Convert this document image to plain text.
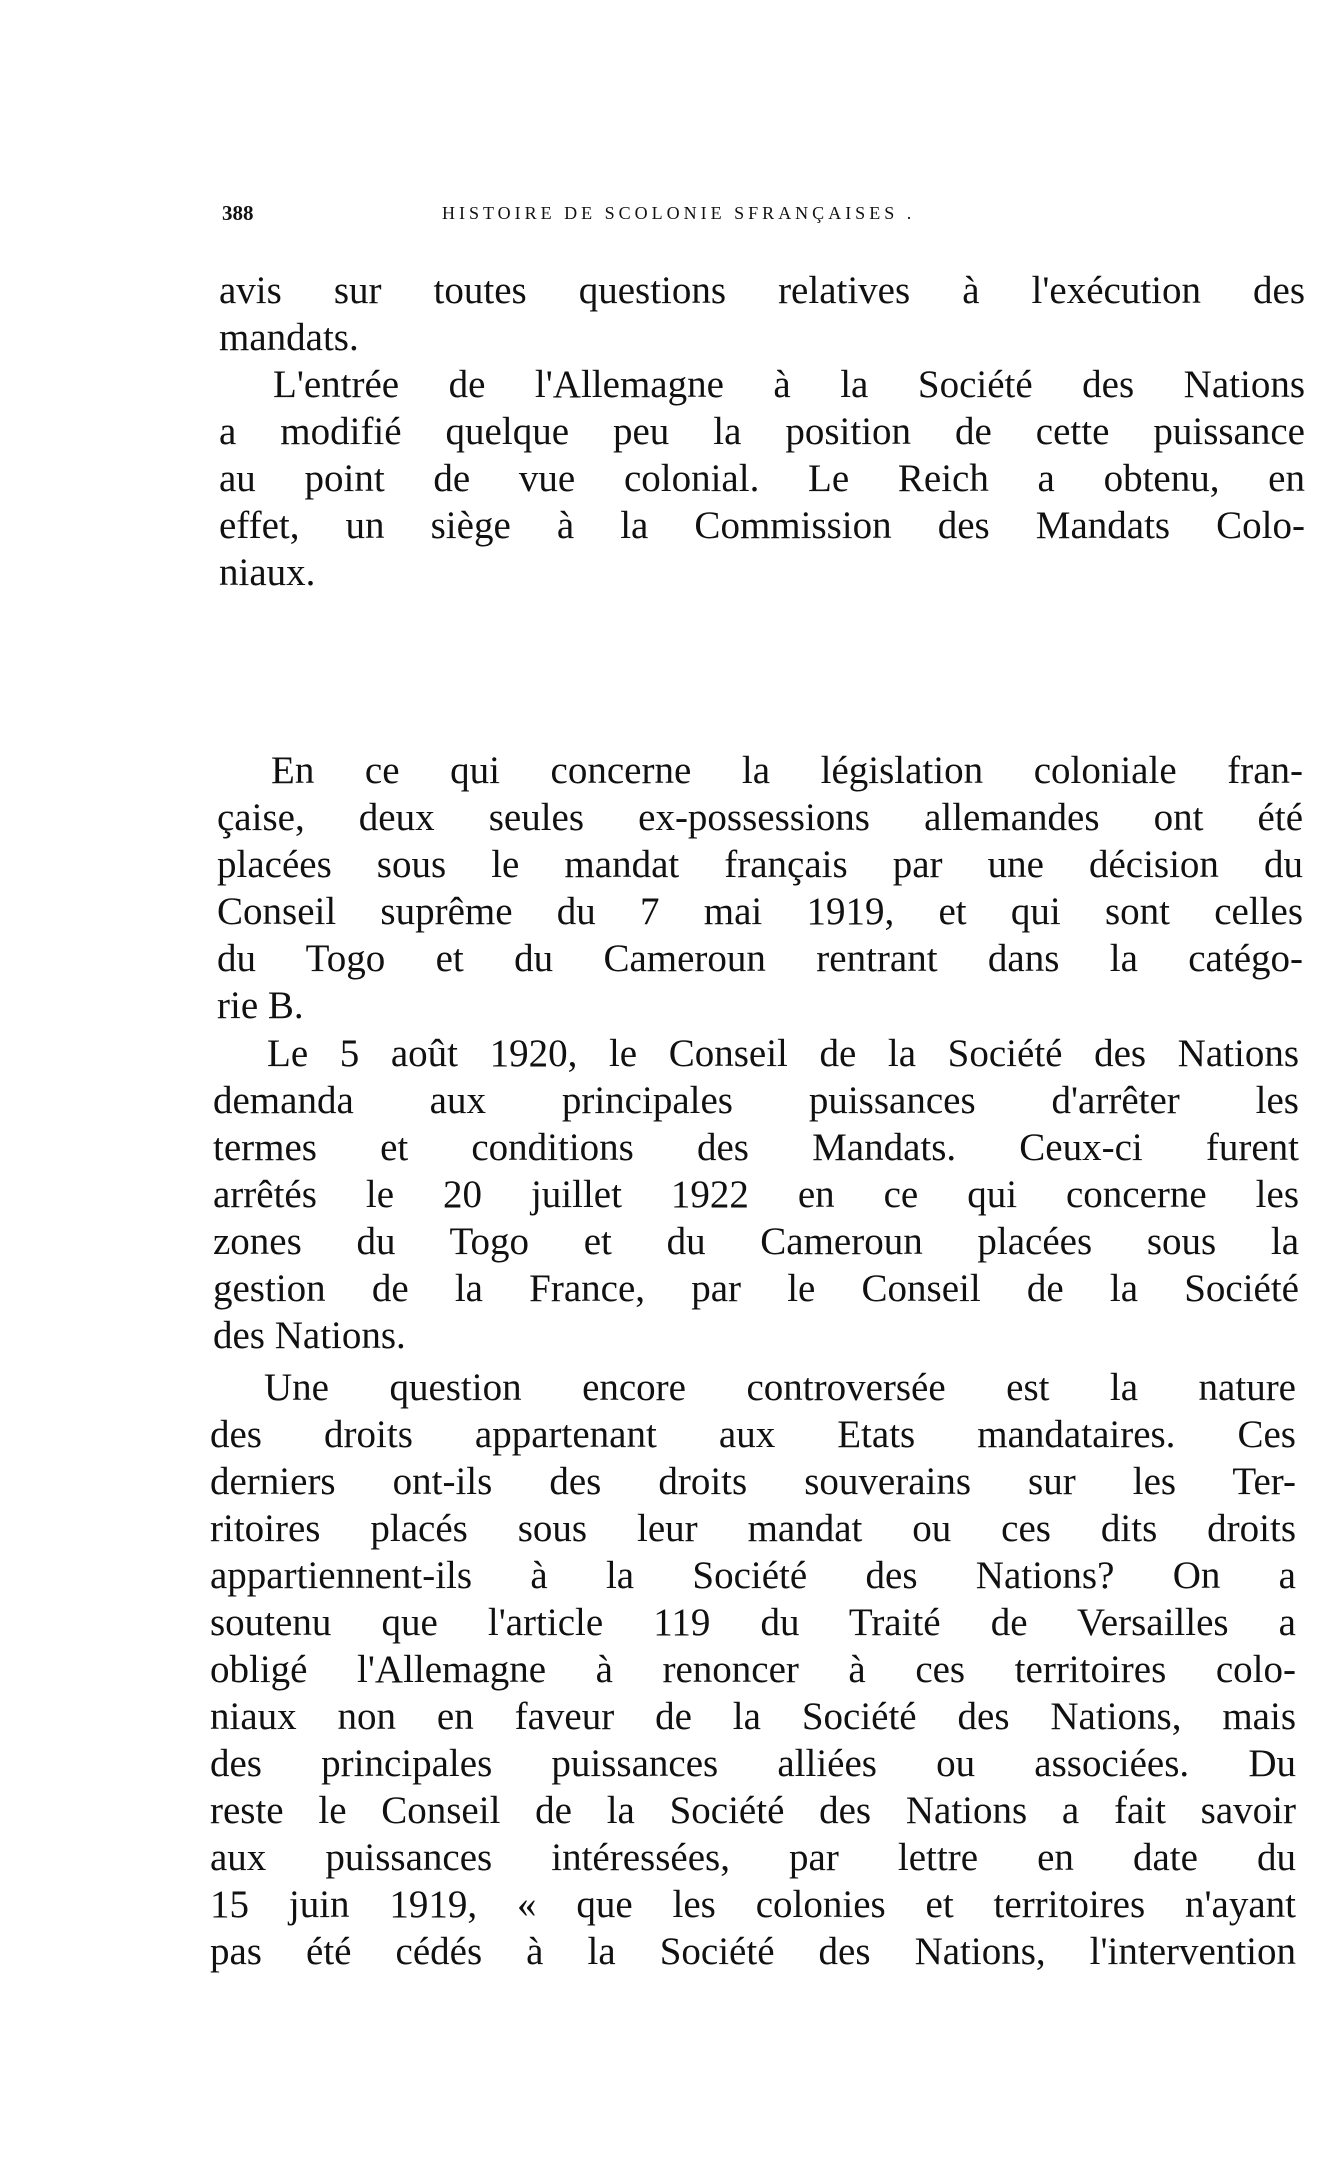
388	HISTOIRE DE SCOLONIE SFRANÇAISES .
avis sur toutes questions relatives à l'exécution des
mandats.
L'entrée de l'Allemagne à la Société des Nations
a modifié quelque peu la position de cette puissance
au point de vue colonial. Le Reich a obtenu, en
effet, un siège à la Commission des Mandats Colo-
niaux.
En ce qui concerne la législation coloniale fran-
çaise, deux seules ex-possessions allemandes ont été
placées sous le mandat français par une décision du
Conseil suprême du 7 mai 1919, et qui sont celles
du Togo et du Cameroun rentrant dans la catégo-
rie B.
Le 5 août 1920, le Conseil de la Société des Nations
demanda aux principales puissances d'arrêter les
termes et conditions des Mandats. Ceux-ci furent
arrêtés le 20 juillet 1922 en ce qui concerne les
zones du Togo et du Cameroun placées sous la
gestion de la France, par le Conseil de la Société
des Nations.
Une question encore controversée est la nature
des droits appartenant aux Etats mandataires. Ces
derniers ont-ils des droits souverains sur les Ter-
ritoires placés sous leur mandat ou ces dits droits
appartiennent-ils à la Société des Nations? On a
soutenu que l'article 119 du Traité de Versailles a
obligé l'Allemagne à renoncer à ces territoires colo-
niaux non en faveur de la Société des Nations, mais
des principales puissances alliées ou associées. Du
reste le Conseil de la Société des Nations a fait savoir
aux puissances intéressées, par lettre en date du
15 juin 1919, « que les colonies et territoires n'ayant
pas été cédés à la Société des Nations, l'intervention
